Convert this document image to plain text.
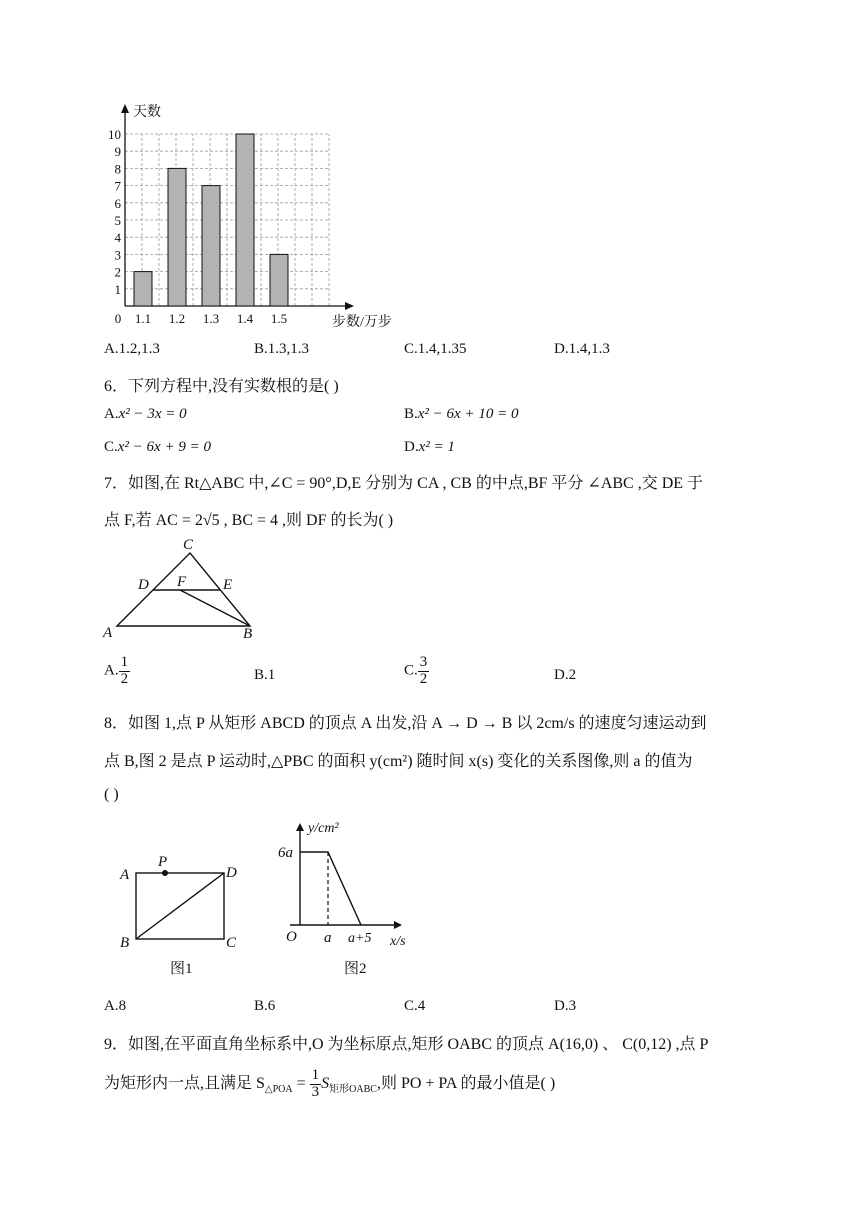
1
2
3
4
5
6
7
8
9
10
0 1.1 1.2 1.3 1.4 1.5
天数
步数/万步
A.1.2,1.3	B.1.3,1.3	C.1.4,1.35	D.1.4,1.3
6．下列方程中,没有实数根的是( )
A.x² − 3x = 0	B.x² − 6x + 10 = 0
C.x² − 6x + 9 = 0	D.x² = 1
7．如图,在 Rt△ABC 中,∠C = 90°,D,E 分别为 CA , CB 的中点,BF 平分 ∠ABC ,交 DE 于
点 F,若 AC = 2√5 , BC = 4 ,则 DF 的长为( )
C
D F E
A	B
A. $\frac{1}{2}$	B.1	C. $\frac{3}{2}$	D.2
8．如图 1,点 P 从矩形 ABCD 的顶点 A 出发,沿 A → D → B 以 2cm/s 的速度匀速运动到
点 B,图 2 是点 P 运动时,△PBC 的面积 y(cm²) 随时间 x(s) 变化的关系图像,则 a 的值为
( )
A
P
D
B	C
图1
y/cm²
6a
O a a+5 x/s
图2
A.8	B.6	C.4	D.3
9．如图,在平面直角坐标系中,O 为坐标原点,矩形 OABC 的顶点 A(16,0) 、 C(0,12) ,点 P
为矩形内一点,且满足 $S_{\triangle POA} = \frac{1}{3} S_{矩形OABC}$,则 PO + PA 的最小值是( )
